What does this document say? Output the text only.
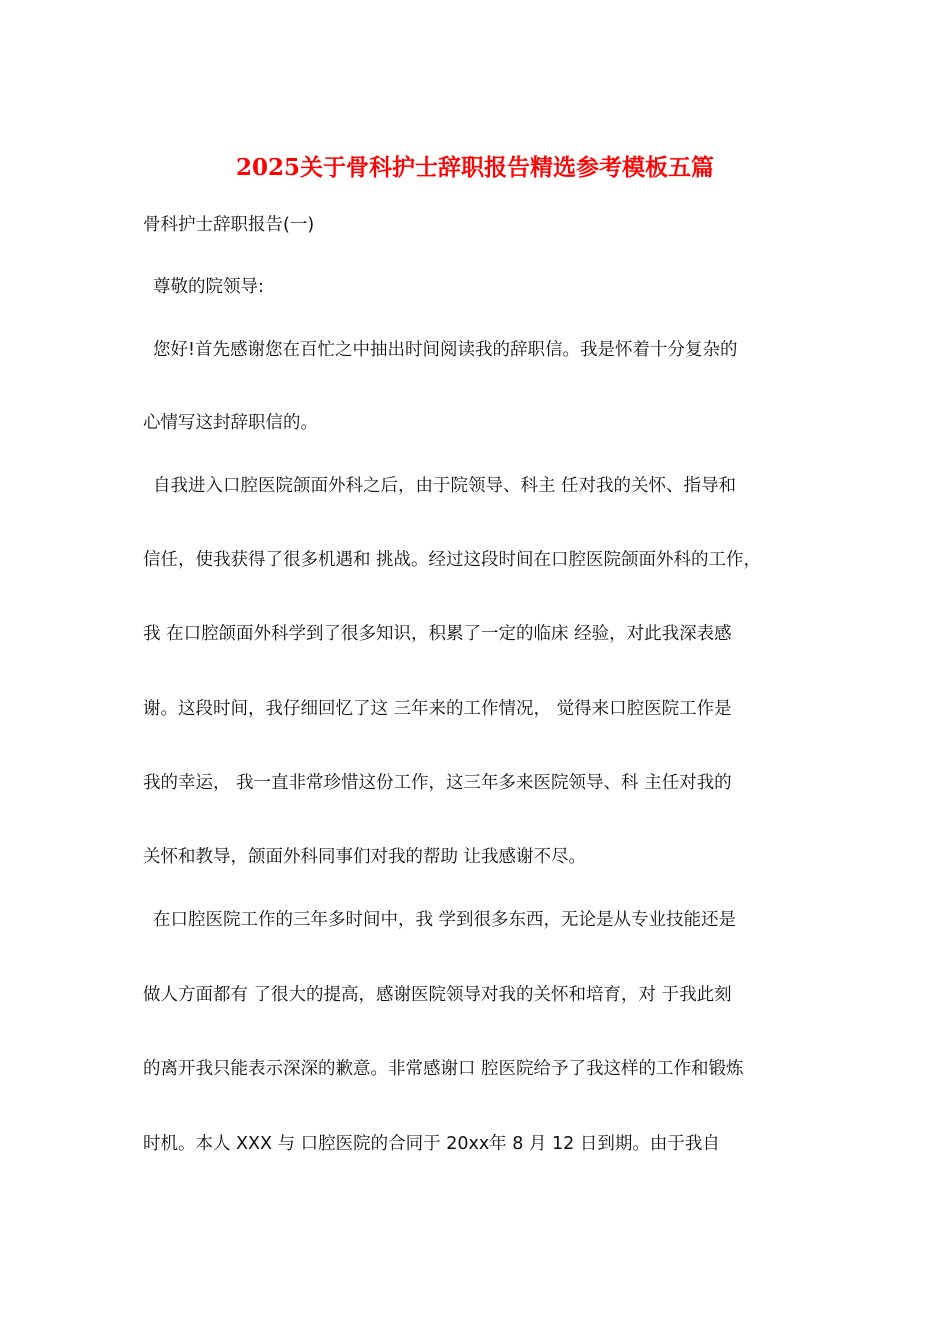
2025关于骨科护士辞职报告精选参考模板五篇
骨科护士辞职报告(一)
尊敬的院领导:
您好!首先感谢您在百忙之中抽出时间阅读我的辞职信。我是怀着十分复杂的
心情写这封辞职信的。
自我进入口腔医院颌面外科之后，由于院领导、科主 任对我的关怀、指导和
信任，使我获得了很多机遇和 挑战。经过这段时间在口腔医院颌面外科的工作，
我 在口腔颌面外科学到了很多知识，积累了一定的临床 经验，对此我深表感
谢。这段时间，我仔细回忆了这 三年来的工作情况， 觉得来口腔医院工作是
我的幸运， 我一直非常珍惜这份工作，这三年多来医院领导、科 主任对我的
关怀和教导，颌面外科同事们对我的帮助 让我感谢不尽。
在口腔医院工作的三年多时间中，我 学到很多东西，无论是从专业技能还是
做人方面都有 了很大的提高，感谢医院领导对我的关怀和培育，对 于我此刻
的离开我只能表示深深的歉意。非常感谢口 腔医院给予了我这样的工作和锻炼
时机。本人 XXX 与 口腔医院的合同于 20xx年 8 月 12 日到期。由于我自
